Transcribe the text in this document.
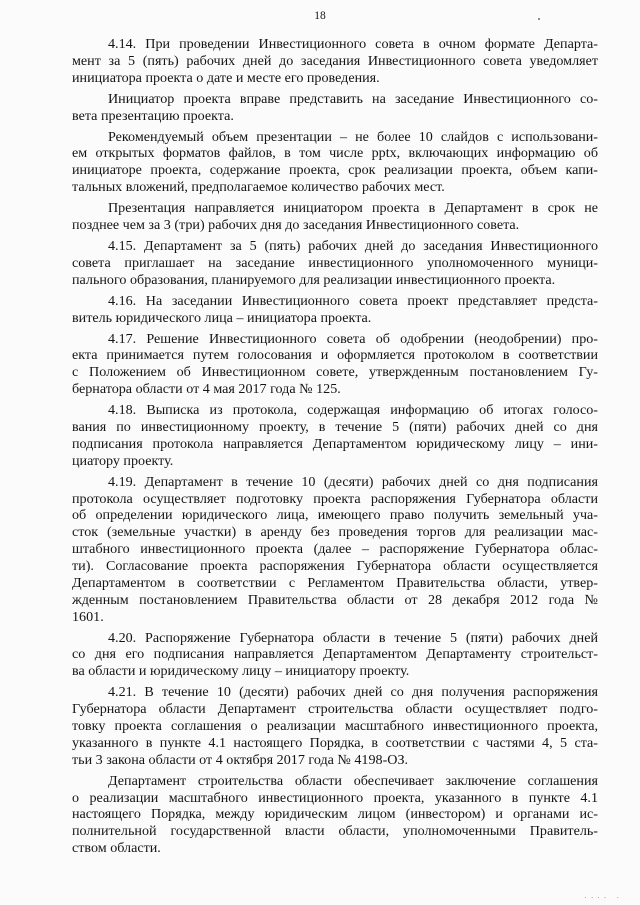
18

4.14. При проведении Инвестиционного совета в очном формате Департа-
мент за 5 (пять) рабочих дней до заседания Инвестиционного совета уведомляет
инициатора проекта о дате и месте его проведения.

Инициатор проекта вправе представить на заседание Инвестиционного со-
вета презентацию проекта.

Рекомендуемый объем презентации – не более 10 слайдов с использовани-
ем открытых форматов файлов, в том числе pptx, включающих информацию об
инициаторе проекта, содержание проекта, срок реализации проекта, объем капи-
тальных вложений, предполагаемое количество рабочих мест.

Презентация направляется инициатором проекта в Департамент в срок не
позднее чем за 3 (три) рабочих дня до заседания Инвестиционного совета.

4.15. Департамент за 5 (пять) рабочих дней до заседания Инвестиционного
совета приглашает на заседание инвестиционного уполномоченного муници-
пального образования, планируемого для реализации инвестиционного проекта.

4.16. На заседании Инвестиционного совета проект представляет предста-
витель юридического лица – инициатора проекта.

4.17. Решение Инвестиционного совета об одобрении (неодобрении) про-
екта принимается путем голосования и оформляется протоколом в соответствии
с Положением об Инвестиционном совете, утвержденным постановлением Гу-
бернатора области от 4 мая 2017 года № 125.

4.18. Выписка из протокола, содержащая информацию об итогах голосо-
вания по инвестиционному проекту, в течение 5 (пяти) рабочих дней со дня
подписания протокола направляется Департаментом юридическому лицу – ини-
циатору проекту.

4.19. Департамент в течение 10 (десяти) рабочих дней со дня подписания
протокола осуществляет подготовку проекта распоряжения Губернатора области
об определении юридического лица, имеющего право получить земельный уча-
сток (земельные участки) в аренду без проведения торгов для реализации мас-
штабного инвестиционного проекта (далее – распоряжение Губернатора облас-
ти). Согласование проекта распоряжения Губернатора области осуществляется
Департаментом в соответствии с Регламентом Правительства области, утвер-
жденным постановлением Правительства области от 28 декабря 2012 года №
1601.

4.20. Распоряжение Губернатора области в течение 5 (пяти) рабочих дней
со дня его подписания направляется Департаментом Департаменту строительст-
ва области и юридическому лицу – инициатору проекту.

4.21. В течение 10 (десяти) рабочих дней со дня получения распоряжения
Губернатора области Департамент строительства области осуществляет подго-
товку проекта соглашения о реализации масштабного инвестиционного проекта,
указанного в пункте 4.1 настоящего Порядка, в соответствии с частями 4, 5 ста-
тьи 3 закона области от 4 октября 2017 года № 4198-ОЗ.

Департамент строительства области обеспечивает заключение соглашения
о реализации масштабного инвестиционного проекта, указанного в пункте 4.1
настоящего Порядка, между юридическим лицом (инвестором) и органами ис-
полнительной государственной власти области, уполномоченными Правитель-
ством области.

· · · ·   ·
